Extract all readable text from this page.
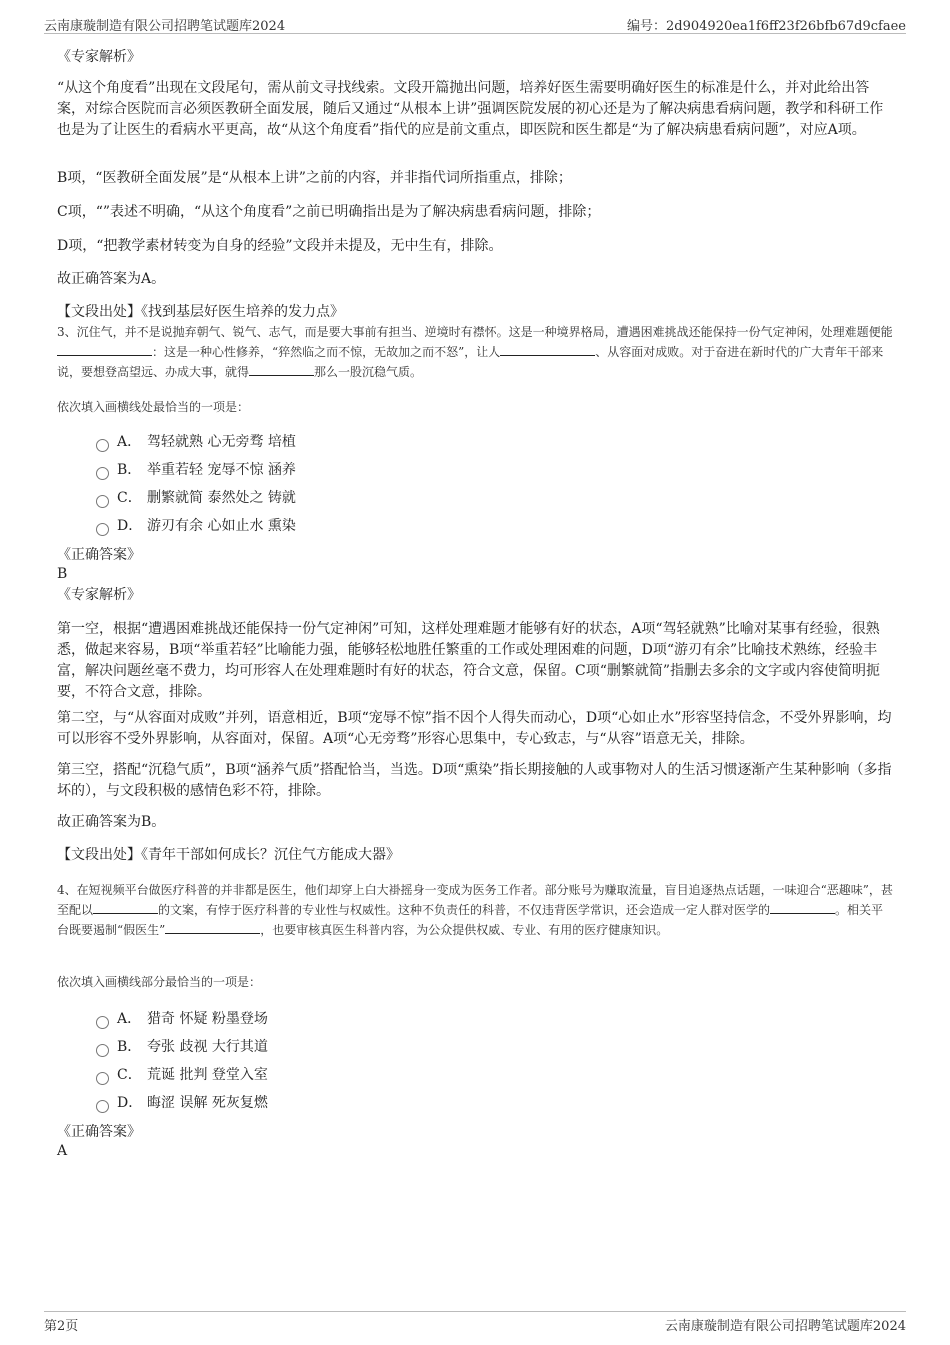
云南康璇制造有限公司招聘笔试题库2024	编号：2d904920ea1f6ff23f26bfb67d9cfaee

《专家解析》

“从这个角度看”出现在文段尾句，需从前文寻找线索。文段开篇抛出问题，培养好医生需要明确好医生的标准是什么，并对此给出答案，对综合医院而言必须医教研全面发展，随后又通过“从根本上讲”强调医院发展的初心还是为了解决病患看病问题，教学和科研工作也是为了让医生的看病水平更高，故“从这个角度看”指代的应是前文重点，即医院和医生都是“为了解决病患看病问题”，对应A项。

B项，“医教研全面发展”是“从根本上讲”之前的内容，并非指代词所指重点，排除；

C项，“”表述不明确，“从这个角度看”之前已明确指出是为了解决病患看病问题，排除；

D项，“把教学素材转变为自身的经验”文段并未提及，无中生有，排除。

故正确答案为A。

【文段出处】《找到基层好医生培养的发力点》

3、沉住气，并不是说抛弃朝气、锐气、志气，而是要大事前有担当、逆境时有襟怀。这是一种境界格局，遭遇困难挑战还能保持一份气定神闲，处理难题便能：这是一种心性修养，“猝然临之而不惊，无故加之而不怒”，让人	、从容面对成败。对于奋进在新时代的广大青年干部来说，要想登高望远、办成大事，就得	那么一股沉稳气质。

依次填入画横线处最恰当的一项是：

A． 驾轻就熟 心无旁骛 培植
B． 举重若轻 宠辱不惊 涵养
C． 删繁就简 泰然处之 铸就
D． 游刃有余 心如止水 熏染
《正确答案》
B
《专家解析》

第一空，根据“遭遇困难挑战还能保持一份气定神闲”可知，这样处理难题才能够有好的状态，A项“驾轻就熟”比喻对某事有经验，很熟悉，做起来容易，B项“举重若轻”比喻能力强，能够轻松地胜任繁重的工作或处理困难的问题，D项“游刃有余”比喻技术熟练，经验丰富，解决问题丝毫不费力，均可形容人在处理难题时有好的状态，符合文意，保留。C项“删繁就简”指删去多余的文字或内容使简明扼要，不符合文意，排除。

第二空，与“从容面对成败”并列，语意相近，B项“宠辱不惊”指不因个人得失而动心，D项“心如止水”形容坚持信念，不受外界影响，均可以形容不受外界影响，从容面对，保留。A项“心无旁骛”形容心思集中，专心致志，与“从容”语意无关，排除。

第三空，搭配“沉稳气质”，B项“涵养气质”搭配恰当，当选。D项“熏染”指长期接触的人或事物对人的生活习惯逐渐产生某种影响（多指坏的），与文段积极的感情色彩不符，排除。

故正确答案为B。

【文段出处】《青年干部如何成长？沉住气方能成大器》

4、在短视频平台做医疗科普的并非都是医生，他们却穿上白大褂摇身一变成为医务工作者。部分账号为赚取流量，盲目追逐热点话题，一味迎合“恶趣味”，甚至配以	的文案，有悖于医疗科普的专业性与权威性。这种不负责任的科普，不仅违背医学常识，还会造成一定人群对医学的	。相关平台既要遏制“假医生”	，也要审核真医生科普内容，为公众提供权威、专业、有用的医疗健康知识。

依次填入画横线部分最恰当的一项是：

A． 猎奇 怀疑 粉墨登场
B． 夸张 歧视 大行其道
C． 荒诞 批判 登堂入室
D． 晦涩 误解 死灰复燃
《正确答案》
A
第2页	云南康璇制造有限公司招聘笔试题库2024
